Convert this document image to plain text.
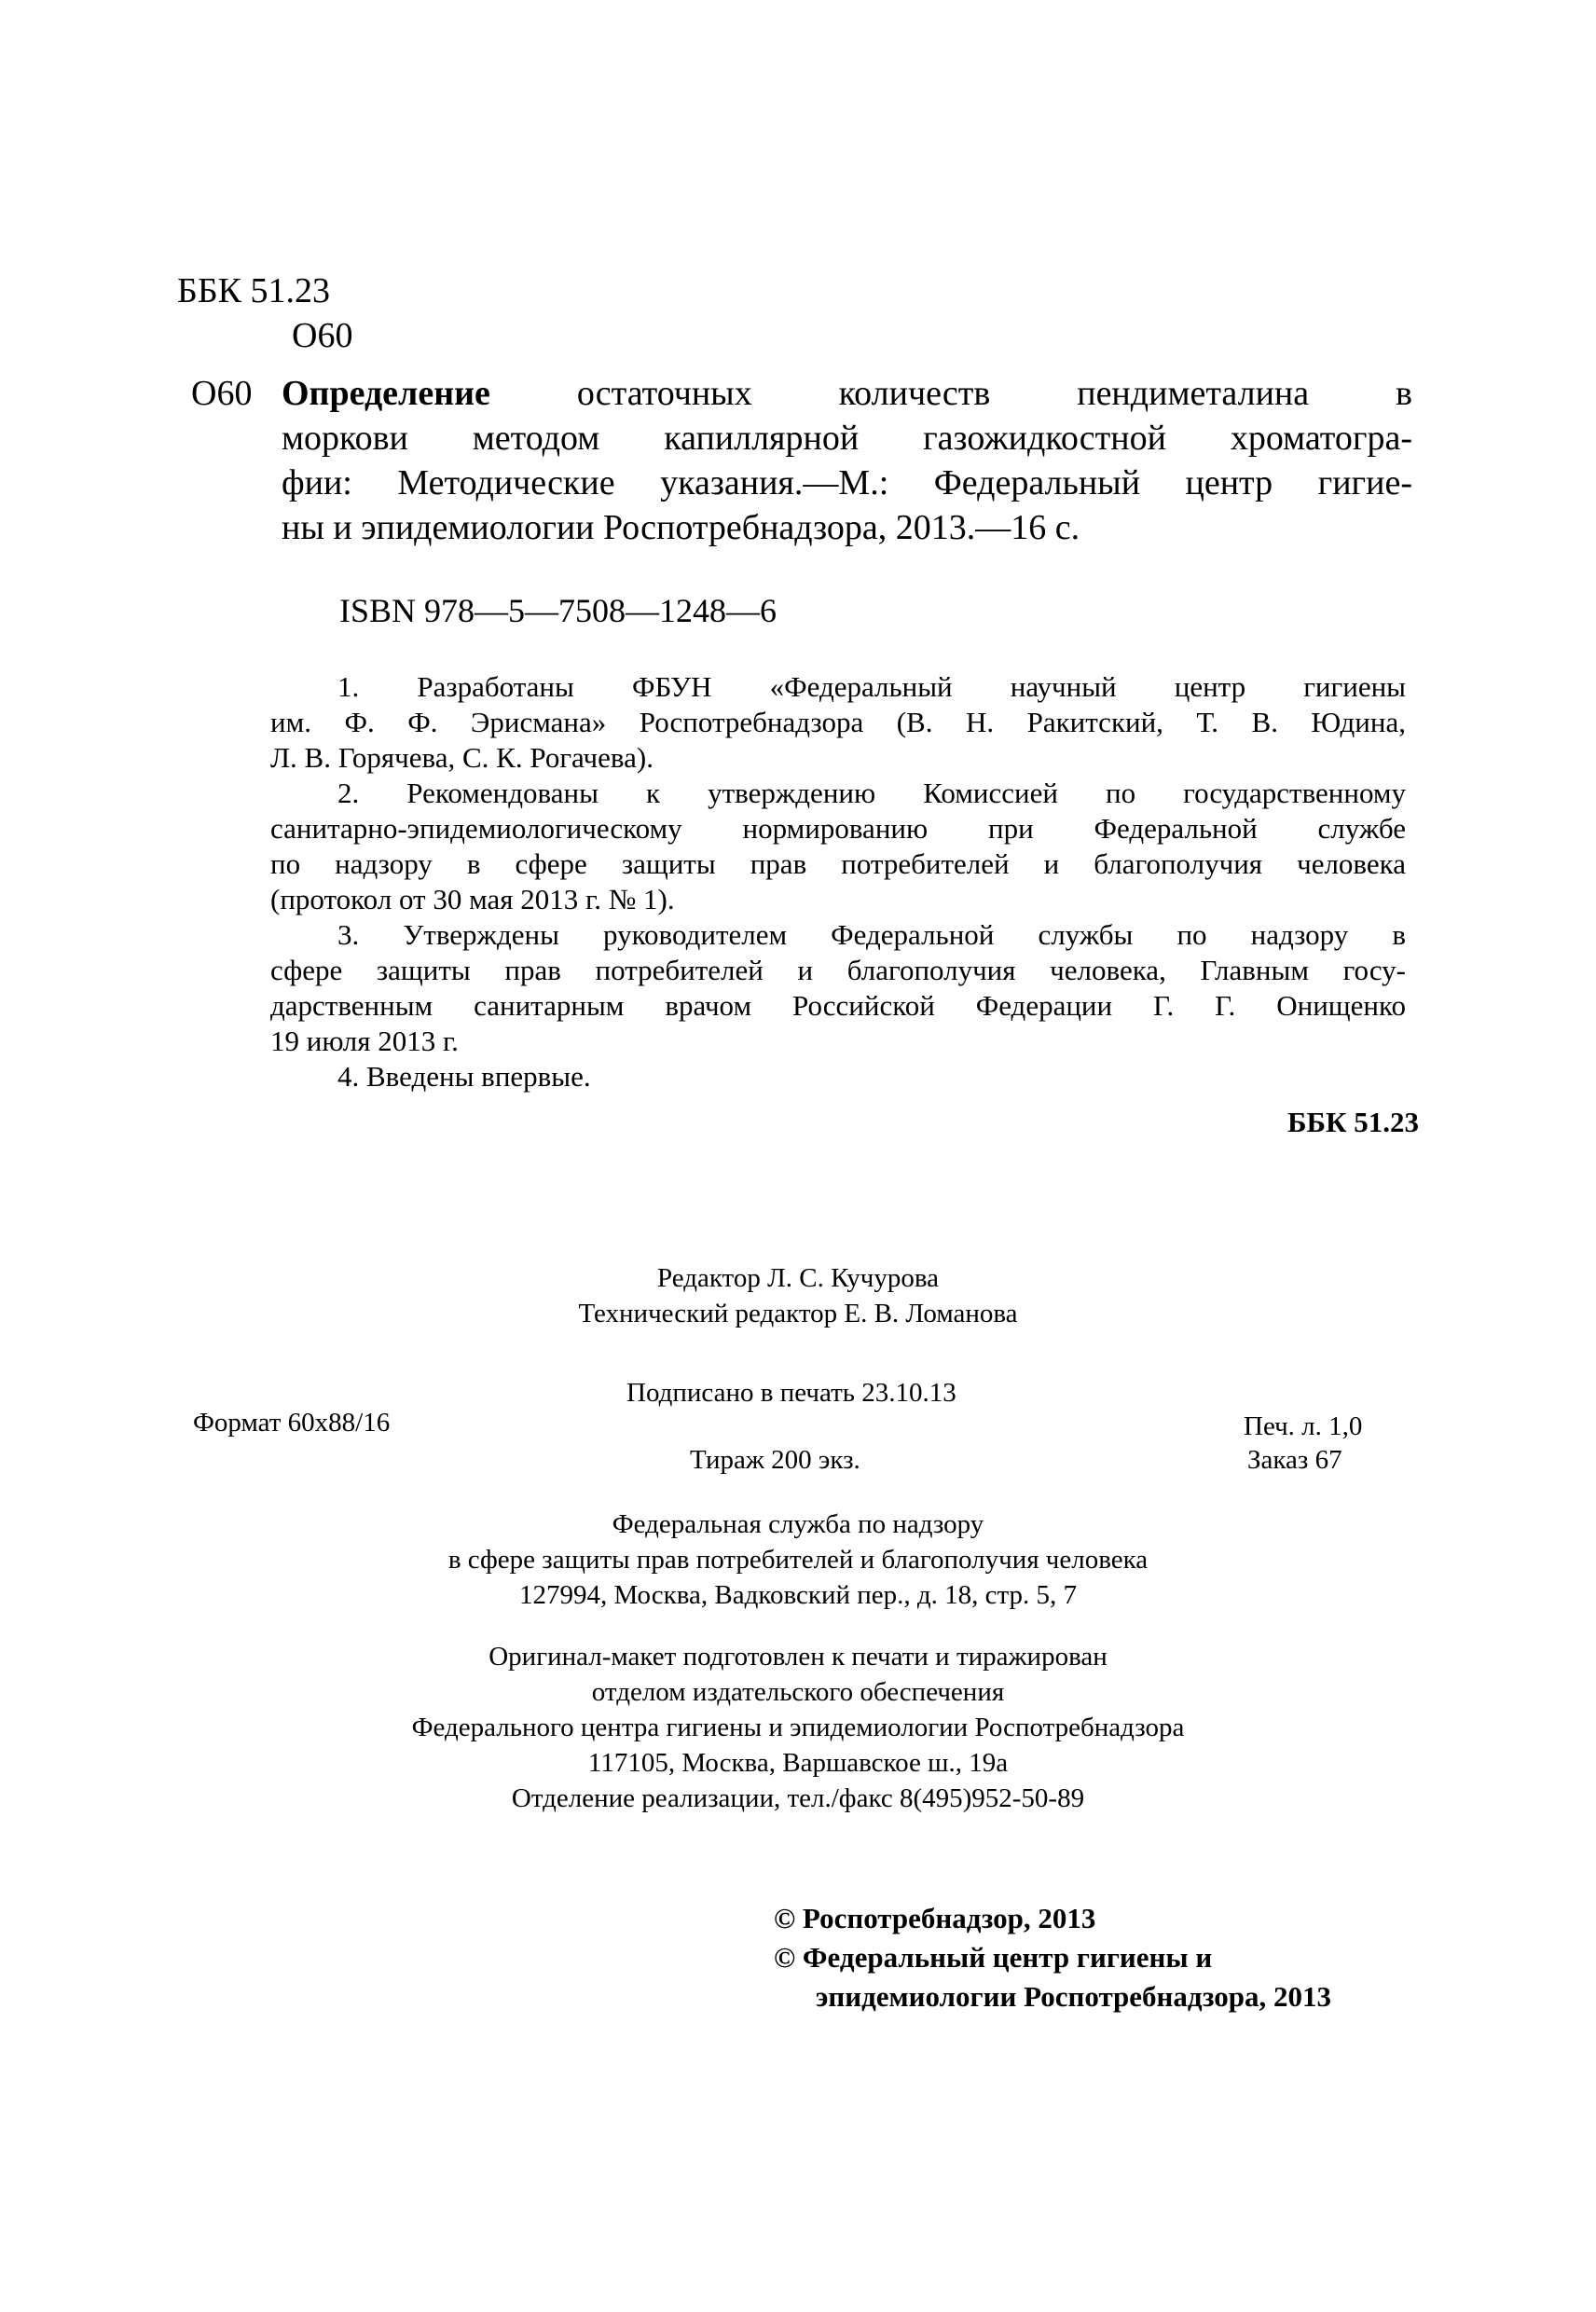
ББК 51.23
О60
О60 Определение остаточных количеств пендиметалина в
моркови методом капиллярной газожидкостной хроматогра-
фии: Методические указания.—М.: Федеральный центр гигие-
ны и эпидемиологии Роспотребнадзора, 2013.—16 с.
ISBN 978—5—7508—1248—6
1. Разработаны ФБУН «Федеральный научный центр гигиены
им. Ф. Ф. Эрисмана» Роспотребнадзора (В. Н. Ракитский, Т. В. Юдина,
Л. В. Горячева, С. К. Рогачева).
2. Рекомендованы к утверждению Комиссией по государственному
санитарно-эпидемиологическому нормированию при Федеральной службе
по надзору в сфере защиты прав потребителей и благополучия человека
(протокол от 30 мая 2013 г. № 1).
3. Утверждены руководителем Федеральной службы по надзору в
сфере защиты прав потребителей и благополучия человека, Главным госу-
дарственным санитарным врачом Российской Федерации Г. Г. Онищенко
19 июля 2013 г.
4. Введены впервые.
ББК 51.23
Редактор Л. С. Кучурова
Технический редактор Е. В. Ломанова
Подписано в печать 23.10.13
Формат 60x88/16	Печ. л. 1,0
Тираж 200 экз.	Заказ 67
Федеральная служба по надзору
в сфере защиты прав потребителей и благополучия человека
127994, Москва, Вадковский пер., д. 18, стр. 5, 7
Оригинал-макет подготовлен к печати и тиражирован
отделом издательского обеспечения
Федерального центра гигиены и эпидемиологии Роспотребнадзора
117105, Москва, Варшавское ш., 19а
Отделение реализации, тел./факс 8(495)952-50-89
© Роспотребнадзор, 2013
© Федеральный центр гигиены и
эпидемиологии Роспотребнадзора, 2013
